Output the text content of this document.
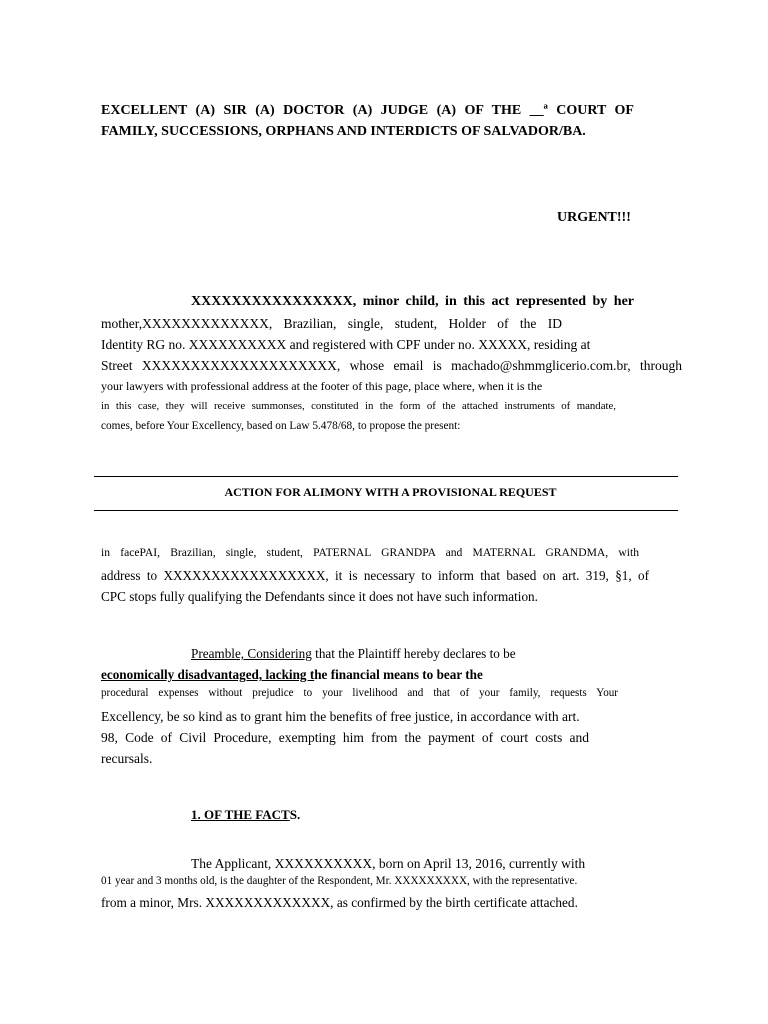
EXCELLENT (A) SIR (A) DOCTOR (A) JUDGE (A) OF THE __ª COURT OF
FAMILY, SUCCESSIONS, ORPHANS AND INTERDICTS OF SALVADOR/BA.
URGENT!!!
XXXXXXXXXXXXXXXX, minor child, in this act represented by her
mother,XXXXXXXXXXXXX, Brazilian, single, student, Holder of the ID
Identity RG no. XXXXXXXXXX and registered with CPF under no. XXXXX, residing at
Street XXXXXXXXXXXXXXXXXXXX, whose email is machado@shmmglicerio.com.br, through
your lawyers with professional address at the footer of this page, place where, when it is the
in this case, they will receive summonses, constituted in the form of the attached instruments of mandate,
comes, before Your Excellency, based on Law 5.478/68, to propose the present:
ACTION FOR ALIMONY WITH A PROVISIONAL REQUEST
in facePAI, Brazilian, single, student, PATERNAL GRANDPA and MATERNAL GRANDMA, with
address to XXXXXXXXXXXXXXXXX, it is necessary to inform that based on art. 319, §1, of
CPC stops fully qualifying the Defendants since it does not have such information.
Preamble, Considering that the Plaintiff hereby declares to be
economically disadvantaged, lacking the financial means to bear the
procedural expenses without prejudice to your livelihood and that of your family, requests Your
Excellency, be so kind as to grant him the benefits of free justice, in accordance with art.
98, Code of Civil Procedure, exempting him from the payment of court costs and
recursals.
1. OF THE FACTS.
The Applicant, XXXXXXXXXX, born on April 13, 2016, currently with
01 year and 3 months old, is the daughter of the Respondent, Mr. XXXXXXXXX, with the representative.
from a minor, Mrs. XXXXXXXXXXXXX, as confirmed by the birth certificate attached.
